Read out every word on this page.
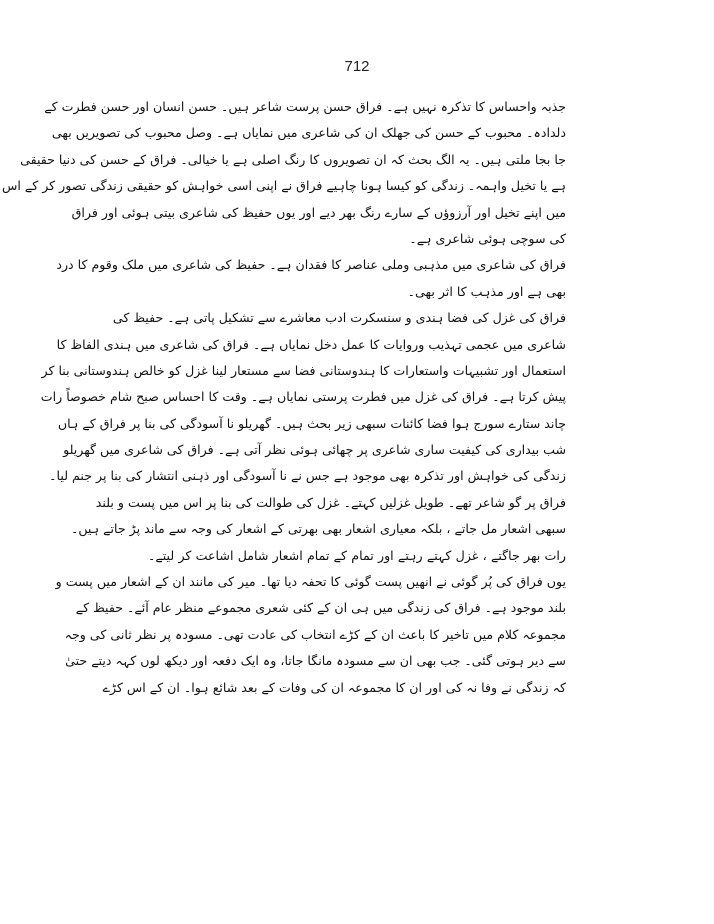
712
جذبہ واحساس کا تذکرہ نہیں ہے۔ فراق حسن پرست شاعر ہیں۔ حسن انسان اور حسن فطرت کے
دلدادہ۔ محبوب کے حسن کی جھلک ان کی شاعری میں نمایاں ہے۔ وصل محبوب کی تصویریں بھی
جا بجا ملتی ہیں۔ یہ الگ بحث کہ ان تصویروں کا رنگ اصلی ہے یا خیالی۔ فراق کے حسن کی دنیا حقیقی
ہے یا تخیل واہمہ۔ زندگی کو کیسا ہونا چاہیے فراق نے اپنی اسی خواہش کو حقیقی زندگی تصور کر کے اس
میں اپنے تخیل اور آرزوؤں کے سارے رنگ بھر دیے اور یوں حفیظ کی شاعری بیتی ہوئی اور فراق
کی سوچی ہوئی شاعری ہے۔
فراق کی شاعری میں مذہبی وملی عناصر کا فقدان ہے۔ حفیظ کی شاعری میں ملک وقوم کا درد
بھی ہے اور مذہب کا اثر بھی۔
فراق کی غزل کی فضا ہندی و سنسکرت ادب معاشرے سے تشکیل پاتی ہے۔ حفیظ کی
شاعری میں عجمی تہذیب وروایات کا عمل دخل نمایاں ہے۔ فراق کی شاعری میں ہندی الفاظ کا
استعمال اور تشبیہات واستعارات کا ہندوستانی فضا سے مستعار لینا غزل کو خالص ہندوستانی بنا کر
پیش کرتا ہے۔ فراق کی غزل میں فطرت پرستی نمایاں ہے۔ وقت کا احساس صبح شام خصوصاً رات
چاند ستارے سورج ہوا فضا کائنات سبھی زیر بحث ہیں۔ گھریلو نا آسودگی کی بنا پر فراق کے ہاں
شب بیداری کی کیفیت ساری شاعری پر چھائی ہوئی نظر آتی ہے۔ فراق کی شاعری میں گھریلو
زندگی کی خواہش اور تذکرہ بھی موجود ہے جس نے نا آسودگی اور ذہنی انتشار کی بنا پر جنم لیا۔
فراق پر گو شاعر تھے۔ طویل غزلیں کہتے۔ غزل کی طوالت کی بنا پر اس میں پست و بلند
سبھی اشعار مل جاتے ، بلکہ معیاری اشعار بھی بھرتی کے اشعار کی وجہ سے ماند پڑ جاتے ہیں۔
رات بھر جاگتے ، غزل کہتے رہتے اور تمام کے تمام اشعار شامل اشاعت کر لیتے۔
یوں فراق کی پُر گوئی نے انھیں پست گوئی کا تحفہ دیا تھا۔ میر کی مانند ان کے اشعار میں پست و
بلند موجود ہے۔ فراق کی زندگی میں ہی ان کے کئی شعری مجموعے منظر عام آئے۔ حفیظ کے
مجموعہ کلام میں تاخیر کا باعث ان کے کڑے انتخاب کی عادت تھی۔ مسودہ پر نظر ثانی کی وجہ
سے دیر ہوتی گئی۔ جب بھی ان سے مسودہ مانگا جاتا، وہ ایک دفعہ اور دیکھ لوں کہہ دیتے حتیٰ
کہ زندگی نے وفا نہ کی اور ان کا مجموعہ ان کی وفات کے بعد شائع ہوا۔ ان کے اس کڑے
